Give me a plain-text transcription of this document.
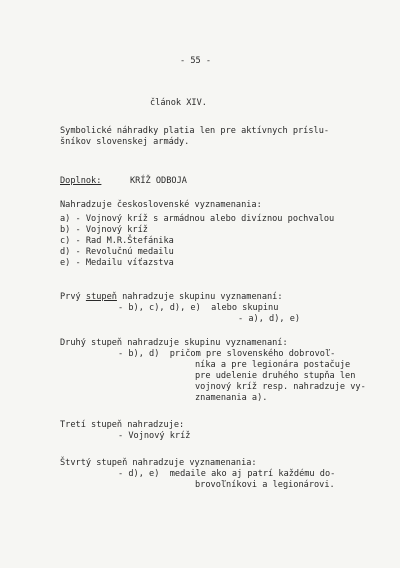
- 55 -

článok XIV.

Symbolické náhradky platia len pre aktívnych príslu-

šníkov slovenskej armády.

Doplnok:	KRÍŽ ODBOJA

Nahradzuje československé vyznamenania:

a) - Vojnový kríž s armádnou alebo divíznou pochvalou

b) - Vojnový kríž

c) - Rad M.R.Štefánika

d) - Revolučnú medailu

e) - Medailu víťazstva

Prvý stupeň nahradzuje skupinu vyznamenaní:

- b), c), d), e)  alebo skupinu

- a), d), e)

Druhý stupeň nahradzuje skupinu vyznamenaní:

- b), d)  pričom pre slovenského dobrovoľ-

níka a pre legionára postačuje

pre udelenie druhého stupňa len

vojnový kríž resp. nahradzuje vy-

znamenania a).

Tretí stupeň nahradzuje:

- Vojnový kríž

Štvrtý stupeň nahradzuje vyznamenania:

- d), e)  medaile ako aj patrí každému do-

brovoľníkovi a legionárovi.
